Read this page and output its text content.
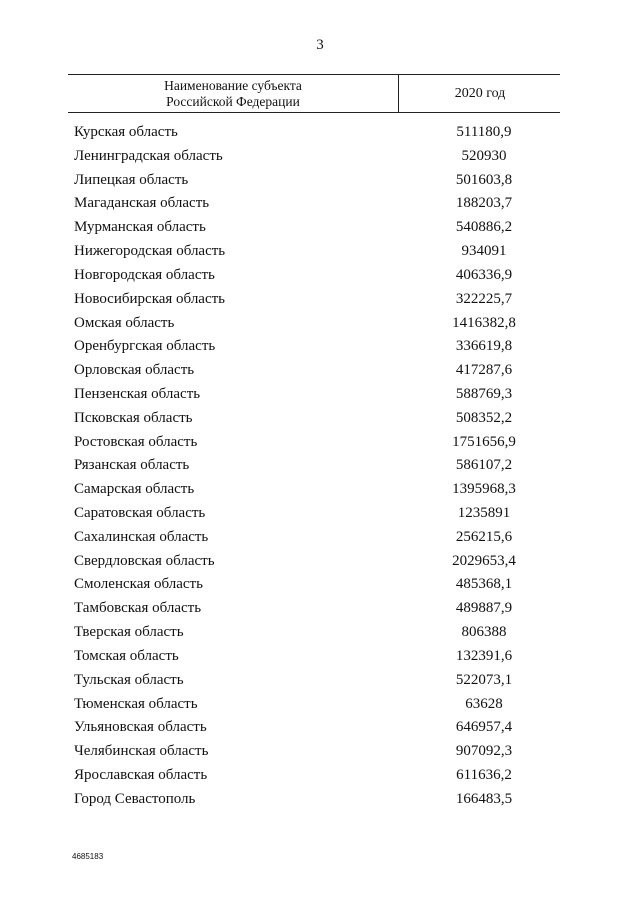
3
Наименование субъекта
Российской Федерации
2020 год
Курская область	511180,9
Ленинградская область	520930
Липецкая область	501603,8
Магаданская область	188203,7
Мурманская область	540886,2
Нижегородская область	934091
Новгородская область	406336,9
Новосибирская область	322225,7
Омская область	1416382,8
Оренбургская область	336619,8
Орловская область	417287,6
Пензенская область	588769,3
Псковская область	508352,2
Ростовская область	1751656,9
Рязанская область	586107,2
Самарская область	1395968,3
Саратовская область	1235891
Сахалинская область	256215,6
Свердловская область	2029653,4
Смоленская область	485368,1
Тамбовская область	489887,9
Тверская область	806388
Томская область	132391,6
Тульская область	522073,1
Тюменская область	63628
Ульяновская область	646957,4
Челябинская область	907092,3
Ярославская область	611636,2
Город Севастополь	166483,5
4685183
